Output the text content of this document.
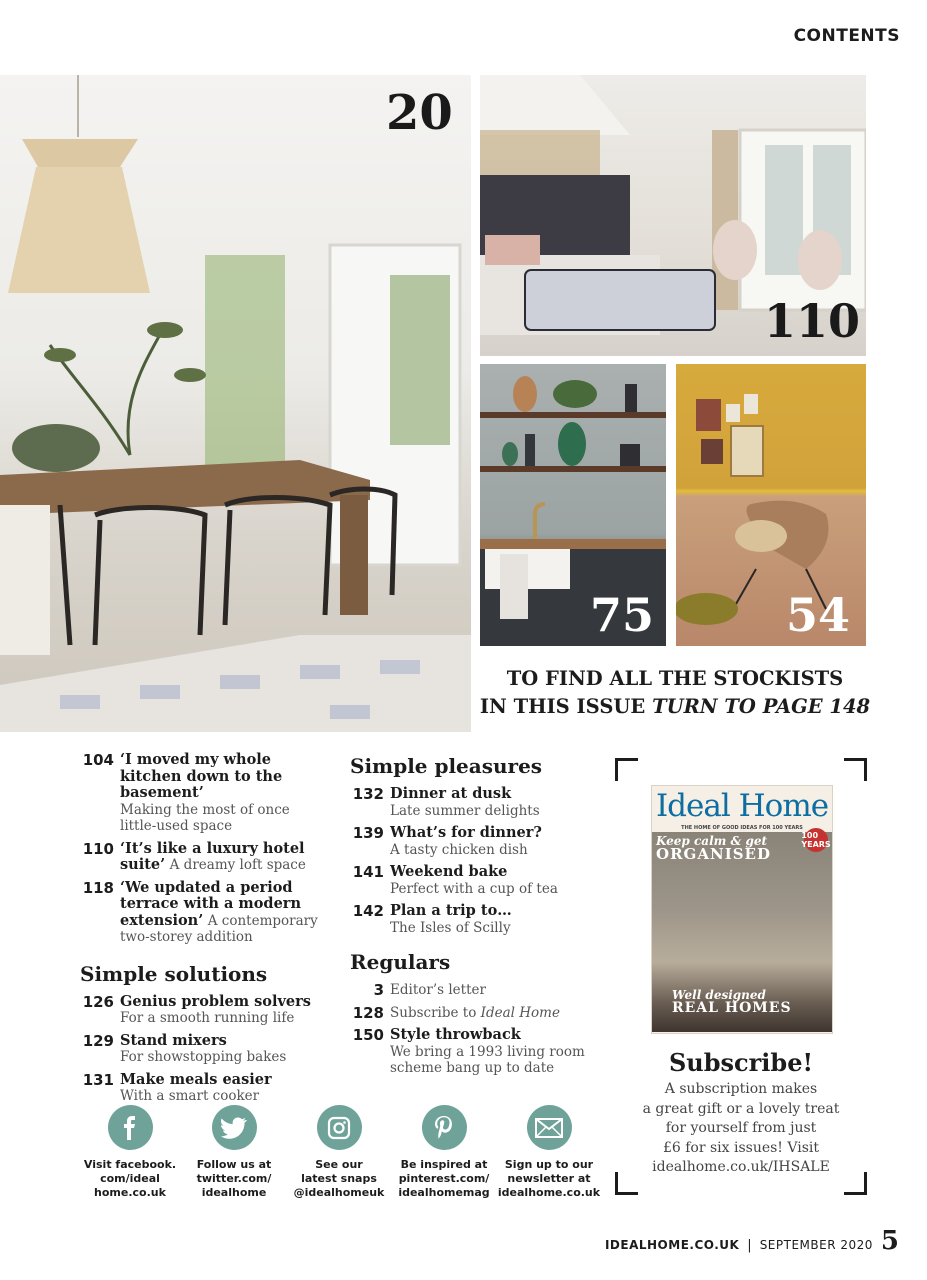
CONTENTS
20
110
75	54
TO FIND ALL THE STOCKISTS
IN THIS ISSUE TURN TO PAGE 148
104 ‘I moved my whole kitchen down to the basement’
Making the most of once little-used space
110 ‘It’s like a luxury hotel suite’ A dreamy loft space
118 ‘We updated a period terrace with a modern extension’ A contemporary two-storey addition
Simple solutions
126 Genius problem solvers
For a smooth running life
129 Stand mixers
For showstopping bakes
131 Make meals easier
With a smart cooker
Simple pleasures
132 Dinner at dusk
Late summer delights
139 What’s for dinner?
A tasty chicken dish
141 Weekend bake
Perfect with a cup of tea
142 Plan a trip to…
The Isles of Scilly
Regulars
3 Editor’s letter
128 Subscribe to Ideal Home
150 Style throwback
We bring a 1993 living room scheme bang up to date
Visit facebook.
com/ideal
home.co.uk
Follow us at
twitter.com/
idealhome
See our
latest snaps
@idealhomeuk
Be inspired at
pinterest.com/
idealhomemag
Sign up to our
newsletter at
idealhome.co.uk
Ideal Home
THE HOME OF GOOD IDEAS FOR 100 YEARS
Keep calm & get
ORGANISED
100 YEARS
Well designed
REAL HOMES
Subscribe!
A subscription makes
a great gift or a lovely treat
for yourself from just
£6 for six issues! Visit
idealhome.co.uk/IHSALE
IDEALHOME.CO.UK | SEPTEMBER 2020 5
